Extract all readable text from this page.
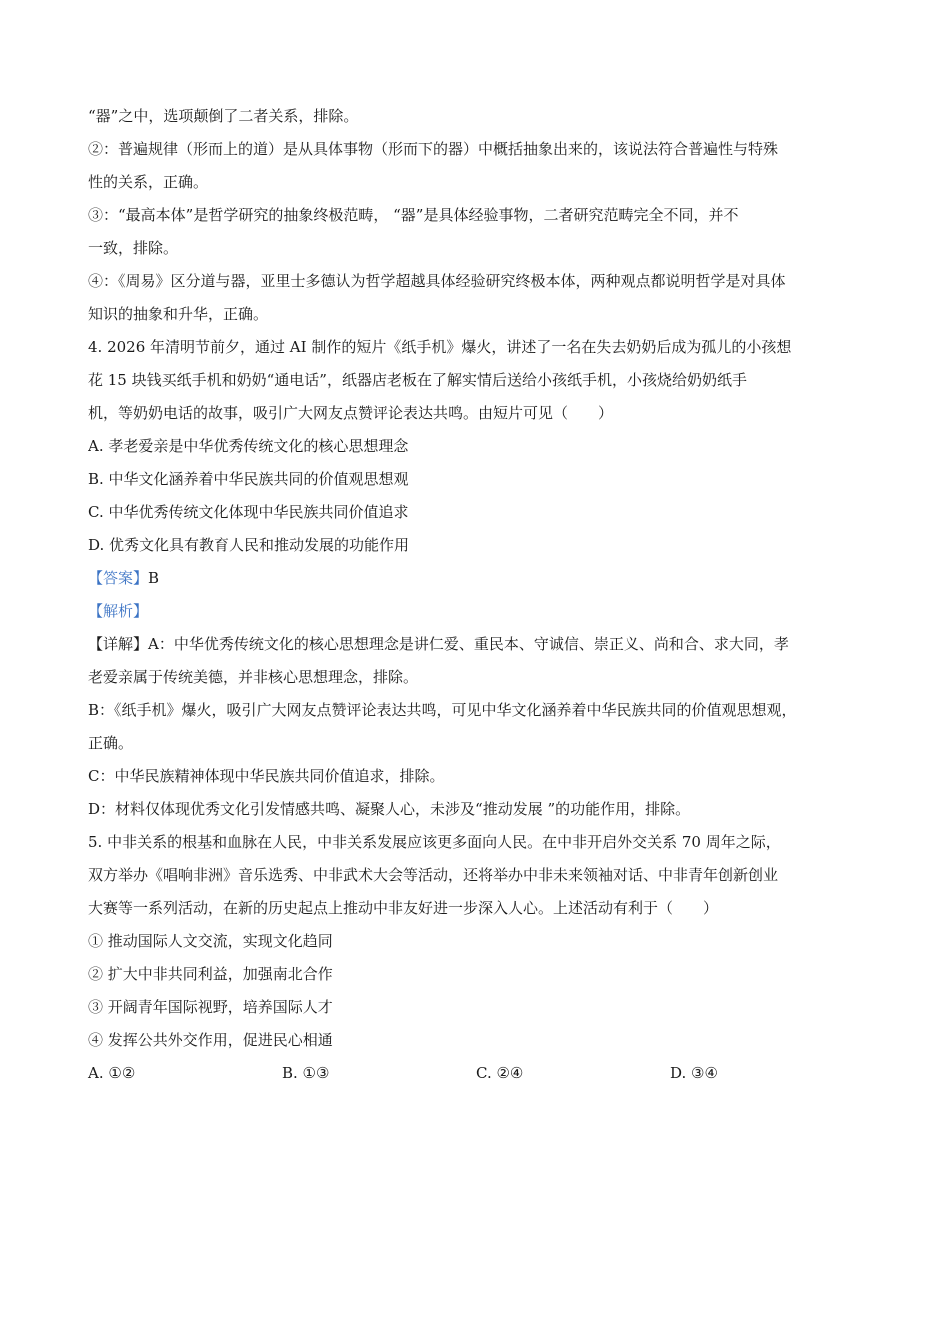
“器”之中，选项颠倒了二者关系，排除。
②：普遍规律（形而上的道）是从具体事物（形而下的器）中概括抽象出来的，该说法符合普遍性与特殊
性的关系，正确。
③：“最高本体”是哲学研究的抽象终极范畴， “器”是具体经验事物，二者研究范畴完全不同，并不
一致，排除。
④：《周易》区分道与器，亚里士多德认为哲学超越具体经验研究终极本体，两种观点都说明哲学是对具体
知识的抽象和升华，正确。
4. 2026 年清明节前夕，通过 AI 制作的短片《纸手机》爆火，讲述了一名在失去奶奶后成为孤儿的小孩想
花 15 块钱买纸手机和奶奶“通电话”，纸器店老板在了解实情后送给小孩纸手机，小孩烧给奶奶纸手
机，等奶奶电话的故事，吸引广大网友点赞评论表达共鸣。由短片可见（　　）
A. 孝老爱亲是中华优秀传统文化的核心思想理念
B. 中华文化涵养着中华民族共同的价值观思想观
C. 中华优秀传统文化体现中华民族共同价值追求
D. 优秀文化具有教育人民和推动发展的功能作用
【答案】B
【解析】
【详解】A：中华优秀传统文化的核心思想理念是讲仁爱、重民本、守诚信、崇正义、尚和合、求大同，孝
老爱亲属于传统美德，并非核心思想理念，排除。
B：《纸手机》爆火，吸引广大网友点赞评论表达共鸣，可见中华文化涵养着中华民族共同的价值观思想观，
正确。
C：中华民族精神体现中华民族共同价值追求，排除。
D：材料仅体现优秀文化引发情感共鸣、凝聚人心，未涉及“推动发展 ”的功能作用，排除。
5. 中非关系的根基和血脉在人民，中非关系发展应该更多面向人民。在中非开启外交关系 70 周年之际，
双方举办《唱响非洲》音乐选秀、中非武术大会等活动，还将举办中非未来领袖对话、中非青年创新创业
大赛等一系列活动，在新的历史起点上推动中非友好进一步深入人心。上述活动有利于（　　）
① 推动国际人文交流，实现文化趋同
② 扩大中非共同利益，加强南北合作
③ 开阔青年国际视野，培养国际人才
④ 发挥公共外交作用，促进民心相通
A. ①②	B. ①③	C. ②④	D. ③④
